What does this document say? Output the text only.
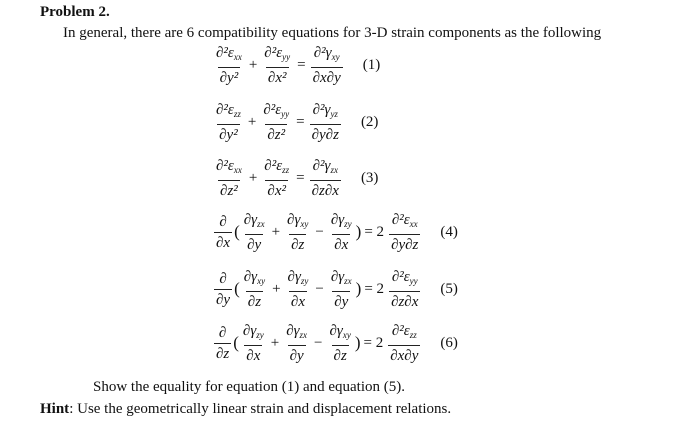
Problem 2.
In general, there are 6 compatibility equations for 3-D strain components as the following
$\frac{\partial^2\varepsilon_{xx}}{\text{∂y²}} + \frac{\partial^2\varepsilon_{yy}}{\text{∂x²}} = \frac{\partial^2\gamma_{xy}}{\partial x\partial y} (1)$
$\frac{\partial^2\varepsilon_{zz}}{\text{∂y²}} + \frac{\partial^2\varepsilon_{yy}}{\text{∂z²}} = \frac{\partial^2\gamma_{yz}}{\partial y\partial z} (2)$
$\frac{\partial^2\varepsilon_{xx}}{\text{∂z²}} + \frac{\partial^2\varepsilon_{zz}}{\text{∂x²}} = \frac{\partial^2\gamma_{zx}}{\partial z\partial x} (3)$
$\frac{\partial}{\partial x}$ ( $\frac{\partial\gamma_{zx}}{\partial y} + \frac{\partial\gamma_{xy}}{\partial z} - \frac{\partial\gamma_{zy}}{\partial x}$ ) = $2 \frac{\partial^2\varepsilon_{xx}}{\partial y\partial z} (4)$
$\frac{\partial}{\partial y}$ ( $\frac{\partial\gamma_{xy}}{\partial z} + \frac{\partial\gamma_{zy}}{\partial x} - \frac{\partial\gamma_{zx}}{\partial y}$ ) = $2 \frac{\partial^2\varepsilon_{yy}}{\partial z\partial x} (5)$
$\frac{\partial}{\partial z}$ ( $\frac{\partial\gamma_{zy}}{\partial x} + \frac{\partial\gamma_{zx}}{\partial y} - \frac{\partial\gamma_{xy}}{\partial z}$ ) = $2 \frac{\partial^2\varepsilon_{zz}}{\partial x\partial y} (6)$
Show the equality for equation (1) and equation (5).
Hint: Use the geometrically linear strain and displacement relations.
